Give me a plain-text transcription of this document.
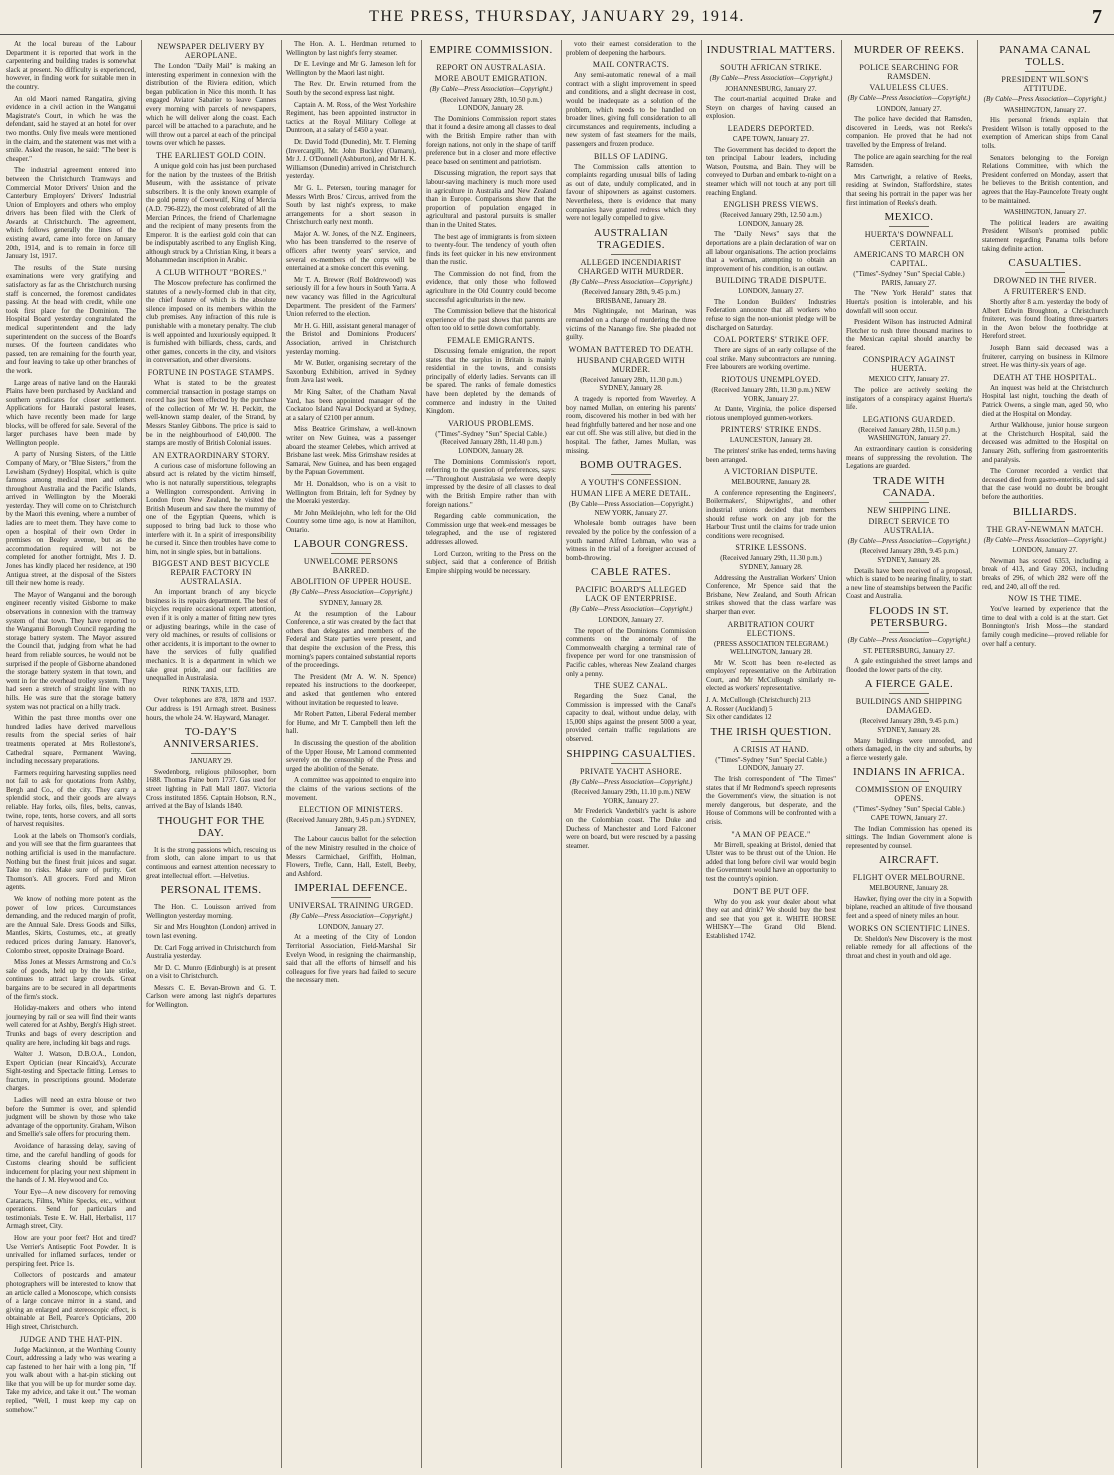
THE PRESS, THURSDAY, JANUARY 29, 1914.	7

At the local bureau of the Labour Department it is reported that work in the carpentering and building trades is somewhat slack at present. No difficulty is experienced, however, in finding work for suitable men in the country.

An old Maori named Rangatira, giving evidence in a civil action in the Wanganui Magistrate's Court, in which he was the defendant, said he stayed at an hotel for over two months. Only five meals were mentioned in the claim, and the statement was met with a smile. Asked the reason, he said: "The beer is cheaper."

The industrial agreement entered into between the Christchurch Tramways and Commercial Motor Drivers' Union and the Canterbury Employers' Drivers' Industrial Union of Employers and others who employ drivers has been filed with the Clerk of Awards at Christchurch. The agreement, which follows generally the lines of the existing award, came into force on January 20th, 1914, and is to remain in force till January 1st, 1917.

The results of the State nursing examinations were very gratifying and satisfactory as far as the Christchurch nursing staff is concerned, the foremost candidates passing. At the head with credit, while one took first place for the Dominion. The Hospital Board yesterday congratulated the medical superintendent and the lady superintendent on the success of the Board's nurses. Of the fourteen candidates who passed, ten are remaining for the fourth year, and four leaving to take up other branches of the work.

Large areas of native land on the Hauraki Plains have been purchased by Auckland and southern syndicates for closer settlement. Applications for Hauraki pastoral leases, which have recently been made for large blocks, will be offered for sale. Several of the larger purchases have been made by Wellington people.

A party of Nursing Sisters, of the Little Company of Mary, or "Blue Sisters," from the Lewisham (Sydney) Hospital, which is quite famous among medical men and others throughout Australia and the Pacific Islands, arrived in Wellington by the Moeraki yesterday. They will come on to Christchurch by the Maori this evening, where a number of ladies are to meet them. They have come to open a hospital of their own Order in premises on Bealey avenue, but as the accommodation required will not be completed for another fortnight, Mrs J. D. Jones has kindly placed her residence, at 190 Antigua street, at the disposal of the Sisters till their new home is ready.

The Mayor of Wanganui and the borough engineer recently visited Gisborne to make observations in connexion with the tramway system of that town. They have reported to the Wanganui Borough Council regarding the storage battery system. The Mayor assured the Council that, judging from what he had heard from reliable sources, he would not be surprised if the people of Gisborne abandoned the storage battery system in that town, and went in for the overhead trolley system. They had seen a stretch of straight line with no hills. He was sure that the storage battery system was not practical on a hilly track.

Within the past three months over one hundred ladies have derived marvellous results from the special series of hair treatments operated at Mrs Rollestone's, Cathedral square, Permanent Waving, including necessary preparations.

Farmers requiring harvesting supplies need not fail to ask for quotations from Ashby, Bergh and Co., of the city. They carry a splendid stock, and their goods are always reliable. Hay forks, oils, files, belts, canvas, twine, rope, tents, horse covers, and all sorts of harvest requisites.

Look at the labels on Thomson's cordials, and you will see that the firm guarantees that nothing artificial is used in the manufacture. Nothing but the finest fruit juices and sugar. Take no risks. Make sure of purity. Get Thomson's. All grocers. Ford and Miron agents.

We know of nothing more potent as the power of low prices. Curcumstances demanding, and the reduced margin of profit, are the Annual Sale. Dress Goods and Silks, Mantles, Skirts, Costumes, etc., at greatly reduced prices during January. Hanover's, Colombo street, opposite Drainage Board.

Miss Jones at Messrs Armstrong and Co.'s sale of goods, held up by the late strike, continues to attract large crowds. Great bargains are to be secured in all departments of the firm's stock.

Holiday-makers and others who intend journeying by rail or sea will find their wants well catered for at Ashby, Bergh's High street. Trunks and bags of every description and quality are here, including kit bags and rugs.

Walter J. Watson, D.B.O.A., London, Expert Optician (near Kincaid's), Accurate Sight-testing and Spectacle fitting. Lenses to fracture, in prescriptions ground. Moderate charges.

Ladies will need an extra blouse or two before the Summer is over, and splendid judgment will be shown by those who take advantage of the opportunity. Graham, Wilson and Smellie's sale offers for procuring them.

Avoidance of harassing delay, saving of time, and the careful handling of goods for Customs clearing should be sufficient inducement for placing your next shipment in the hands of J. M. Heywood and Co.

Your Eye—A new discovery for removing Cataracts, Films, White Specks, etc., without operations. Send for particulars and testimonials. Teste E. W. Hall, Herbalist, 117 Armagh street, City.

How are your poor feet? Hot and tired? Use Verrier's Antiseptic Foot Powder. It is unrivalled for inflamed surfaces, tender or perspiring feet. Price 1s.

Collectors of postcards and amateur photographers will be interested to know that an article called a Monoscope, which consists of a large concave mirror in a stand, and giving an enlarged and stereoscopic effect, is obtainable at Bell, Pearce's Opticians, 200 High street, Christchurch.

JUDGE AND THE HAT-PIN.

Judge Mackinnon, at the Worthing County Court, addressing a lady who was wearing a cap fastened to her hair with a long pin, "If you walk about with a hat-pin sticking out like that you will be up for murder some day. Take my advice, and take it out." The woman replied, "Well, I must keep my cap on somehow."

NEWSPAPER DELIVERY BY AEROPLANE.

The London "Daily Mail" is making an interesting experiment in connexion with the distribution of the Riviera edition, which began publication in Nice this month. It has engaged Aviator Sabatier to leave Cannes every morning with parcels of newspapers, which he will deliver along the coast. Each parcel will be attached to a parachute, and he will throw out a parcel at each of the principal towns over which he passes.

THE EARLIEST GOLD COIN.

A unique gold coin has just been purchased for the nation by the trustees of the British Museum, with the assistance of private subscribers. It is the only known example of the gold penny of Coenwulf, King of Mercia (A.D. 796-822), the most celebrated of all the Mercian Princes, the friend of Charlemagne and the recipient of many presents from the Emperor. It is the earliest gold coin that can be indisputably ascribed to any English King, although struck by a Christian King, it bears a Mohammedan inscription in Arabic.

A CLUB WITHOUT "BORES."

The Moscow prefecture has confirmed the statutes of a newly-formed club in that city, the chief feature of which is the absolute silence imposed on its members within the club premises. Any infraction of this rule is punishable with a monetary penalty. The club is well appointed and luxuriously equipped. It is furnished with billiards, chess, cards, and other games, concerts in the city, and visitors in conversation, and other diversions.

FORTUNE IN POSTAGE STAMPS.

What is stated to be the greatest commercial transaction in postage stamps on record has just been effected by the purchase of the collection of Mr W. H. Peckitt, the well-known stamp dealer, of the Strand, by Messrs Stanley Gibbons. The price is said to be in the neighbourhood of £40,000. The stamps are mostly of British Colonial issues.

AN EXTRAORDINARY STORY.

A curious case of misfortune following an absurd act is related by the victim himself, who is not naturally superstitious, telegraphs a Wellington correspondent. Arriving in London from New Zealand, he visited the British Museum and saw there the mummy of one of the Egyptian Queens, which is supposed to bring bad luck to those who interfere with it. In a spirit of irresponsibility he cursed it. Since then troubles have come to him, not in single spies, but in battalions.

BIGGEST AND BEST BICYCLE REPAIR FACTORY IN AUSTRALASIA.

An important branch of any bicycle business is its repairs department. The best of bicycles require occasional expert attention, even if it is only a matter of fitting new tyres or adjusting bearings, while in the case of very old machines, or results of collisions or other accidents, it is important to the owner to have the services of fully qualified mechanics. It is a department in which we take great pride, and our facilities are unequalled in Australasia.

RINK TAXIS, LTD.

Over telephones are 878, 1878 and 1937. Our address is 191 Armagh street. Business hours, the whole 24. W. Hayward, Manager.

TO-DAY'S ANNIVERSARIES.

JANUARY 29.

Swedenborg, religious philosopher, born 1688. Thomas Paine born 1737. Gas used for street lighting in Pall Mall 1807. Victoria Cross instituted 1856. Captain Hobson, R.N., arrived at the Bay of Islands 1840.

THOUGHT FOR THE DAY.

It is the strong passions which, rescuing us from sloth, can alone impart to us that continuous and earnest attention necessary to great intellectual effort. —Helvetius.

PERSONAL ITEMS.

The Hon. C. Louisson arrived from Wellington yesterday morning.

Sir and Mrs Houghton (London) arrived in town last evening.

Dr. Carl Fogg arrived in Christchurch from Australia yesterday.

Mr D. C. Munro (Edinburgh) is at present on a visit to Christchurch.

Messrs C. E. Bevan-Brown and G. T. Carlson were among last night's departures for Wellington.

The Hon. A. L. Herdman returned to Wellington by last night's ferry steamer.

Dr E. Levinge and Mr G. Jameson left for Wellington by the Maori last night.

The Rev. Dr. Erwin returned from the South by the second express last night.

Captain A. M. Ross, of the West Yorkshire Regiment, has been appointed instructor in tactics at the Royal Military College at Duntroon, at a salary of £450 a year.

Dr. David Todd (Dunedin), Mr. T. Fleming (Invercargill), Mr. John Buckley (Oamaru), Mr J. J. O'Donnell (Ashburton), and Mr H. K. Williamson (Dunedin) arrived in Christchurch yesterday.

Mr G. L. Petersen, touring manager for Messrs Wirth Bros.' Circus, arrived from the South by last night's express, to make arrangements for a short season in Christchurch early next month.

Major A. W. Jones, of the N.Z. Engineers, who has been transferred to the reserve of officers after twenty years' service, and several ex-members of the corps will be entertained at a smoke concert this evening.

Mr T. A. Brewer (Rolf Boldrewood) was seriously ill for a few hours in South Yarra. A new vacancy was filled in the Agricultural Department. The president of the Farmers' Union referred to the election.

Mr H. G. Hill, assistant general manager of the Bristol and Dominions Producers' Association, arrived in Christchurch yesterday morning.

Mr W. Butler, organising secretary of the Saxonburg Exhibition, arrived in Sydney from Java last week.

Mr King Salter, of the Chatham Naval Yard, has been appointed manager of the Cockatoo Island Naval Dockyard at Sydney, at a salary of £2100 per annum.

Miss Beatrice Grimshaw, a well-known writer on New Guinea, was a passenger aboard the steamer Celebes, which arrived at Brisbane last week. Miss Grimshaw resides at Samarai, New Guinea, and has been engaged by the Papuan Government.

Mr H. Donaldson, who is on a visit to Wellington from Britain, left for Sydney by the Moeraki yesterday.

Mr John Meiklejohn, who left for the Old Country some time ago, is now at Hamilton, Ontario.

LABOUR CONGRESS.
UNWELCOME PERSONS BARRED.
ABOLITION OF UPPER HOUSE.

(By Cable—Press Association—Copyright.)

SYDNEY, January 28.

At the resumption of the Labour Conference, a stir was created by the fact that others than delegates and members of the Federal and State parties were present, and that despite the exclusion of the Press, this morning's papers contained substantial reports of the proceedings.

The President (Mr A. W. N. Spence) repeated his instructions to the doorkeeper, and asked that gentlemen who entered without invitation be requested to leave.

Mr Robert Patten, Liberal Federal member for Hume, and Mr T. Campbell then left the hall.

In discussing the question of the abolition of the Upper House, Mr Lamond commented severely on the censorship of the Press and urged the abolition of the Senate.

A committee was appointed to enquire into the claims of the various sections of the movement.

ELECTION OF MINISTERS.

(Received January 28th, 9.45 p.m.) SYDNEY, January 28.

The Labour caucus ballot for the selection of the new Ministry resulted in the choice of Messrs Carmichael, Griffith, Holman, Flowers, Trefle, Cann, Hall, Estell, Beeby, and Ashford.

IMPERIAL DEFENCE.
UNIVERSAL TRAINING URGED.

(By Cable—Press Association—Copyright.)

LONDON, January 27.

At a meeting of the City of London Territorial Association, Field-Marshal Sir Evelyn Wood, in resigning the chairmanship, said that all the efforts of himself and his colleagues for five years had failed to secure the necessary men.

EMPIRE COMMISSION.
REPORT ON AUSTRALASIA.
MORE ABOUT EMIGRATION.

(By Cable—Press Association—Copyright.)

(Received January 28th, 10.50 p.m.) LONDON, January 28.

The Dominions Commission report states that it found a desire among all classes to deal with the British Empire rather than with foreign nations, not only in the shape of tariff preference but in a closer and more effective peace based on sentiment and patriotism.

Discussing migration, the report says that labour-saving machinery is much more used in agriculture in Australia and New Zealand than in Europe. Comparisons show that the proportion of population engaged in agricultural and pastoral pursuits is smaller than in the United States.

The best age of immigrants is from sixteen to twenty-four. The tendency of youth often finds its feet quicker in his new environment than the rustic.

The Commission do not find, from the evidence, that only those who followed agriculture in the Old Country could become successful agriculturists in the new.

The Commission believe that the historical experience of the past shows that parents are often too old to settle down comfortably.

FEMALE EMIGRANTS.

Discussing female emigration, the report states that the surplus in Britain is mainly residential in the towns, and consists principally of elderly ladies. Servants can ill be spared. The ranks of female domestics have been depleted by the demands of commerce and industry in the United Kingdom.

VARIOUS PROBLEMS.

("Times"-Sydney "Sun" Special Cable.) (Received January 28th, 11.40 p.m.) LONDON, January 28.

The Dominions Commission's report, referring to the question of preferences, says:—"Throughout Australasia we were deeply impressed by the desire of all classes to deal with the British Empire rather than with foreign nations."

Regarding cable communication, the Commission urge that week-end messages be telegraphed, and the use of registered addresses allowed.

Lord Curzon, writing to the Press on the subject, said that a conference of British Empire shipping would be necessary.

voto their earnest consideration to the problem of deepening the harbours.

MAIL CONTRACTS.

Any semi-automatic renewal of a mail contract with a slight improvement in speed and conditions, and a slight decrease in cost, would be inadequate as a solution of the problem, which needs to be handled on broader lines, giving full consideration to all circumstances and requirements, including a new system of fast steamers for the mails, passengers and frozen produce.

BILLS OF LADING.

The Commission calls attention to complaints regarding unusual bills of lading as out of date, unduly complicated, and in favour of shipowners as against customers. Nevertheless, there is evidence that many companies have granted redress which they were not legally compelled to give.

AUSTRALIAN TRAGEDIES.
ALLEGED INCENDIARIST CHARGED WITH MURDER.

(By Cable—Press Association—Copyright.)

(Received January 28th, 9.45 p.m.) BRISBANE, January 28.

Mrs Nightingale, not Marinan, was remanded on a charge of murdering the three victims of the Nanango fire. She pleaded not guilty.

WOMAN BATTERED TO DEATH.
HUSBAND CHARGED WITH MURDER.

(Received January 28th, 11.30 p.m.) SYDNEY, January 28.

A tragedy is reported from Waverley. A boy named Mullan, on entering his parents' room, discovered his mother in bed with her head frightfully battered and her nose and one ear cut off. She was still alive, but died in the hospital. The father, James Mullan, was missing.

BOMB OUTRAGES.
A YOUTH'S CONFESSION.
HUMAN LIFE A MERE DETAIL.

(By Cable—Press Association—Copyright.) NEW YORK, January 27.

Wholesale bomb outrages have been revealed by the police by the confession of a youth named Alfred Lehman, who was a witness in the trial of a foreigner accused of bomb-throwing.

CABLE RATES.
PACIFIC BOARD'S ALLEGED LACK OF ENTERPRISE.

(By Cable—Press Association—Copyright.)

LONDON, January 27.

The report of the Dominions Commission comments on the anomaly of the Commonwealth charging a terminal rate of fivepence per word for one transmission of Pacific cables, whereas New Zealand charges only a penny.

THE SUEZ CANAL.

Regarding the Suez Canal, the Commission is impressed with the Canal's capacity to deal, without undue delay, with 15,000 ships against the present 5000 a year, provided certain traffic regulations are observed.

SHIPPING CASUALTIES.
PRIVATE YACHT ASHORE.

(By Cable—Press Association—Copyright.)

(Received January 29th, 11.10 p.m.) NEW YORK, January 27.

Mr Frederick Vanderbilt's yacht is ashore on the Colombian coast. The Duke and Duchess of Manchester and Lord Falconer were on board, but were rescued by a passing steamer.

INDUSTRIAL MATTERS.
SOUTH AFRICAN STRIKE.

(By Cable—Press Association—Copyright.)

JOHANNESBURG, January 27.

The court-martial acquitted Drake and Steyn on charges of having caused an explosion.

LEADERS DEPORTED.

CAPE TOWN, January 27.

The Government has decided to deport the ten principal Labour leaders, including Watson, Poutsma, and Bain. They will be conveyed to Durban and embark to-night on a steamer which will not touch at any port till reaching England.

ENGLISH PRESS VIEWS.

(Received January 29th, 12.50 a.m.) LONDON, January 28.

The "Daily News" says that the deportations are a plain declaration of war on all labour organisations. The action proclaims that a workman, attempting to obtain an improvement of his condition, is an outlaw.

BUILDING TRADE DISPUTE.

LONDON, January 27.

The London Builders' Industries Federation announce that all workers who refuse to sign the non-unionist pledge will be discharged on Saturday.

COAL PORTERS' STRIKE OFF.

There are signs of an early collapse of the coal strike. Many subcontractors are running. Free labourers are working overtime.

RIOTOUS UNEMPLOYED.

(Received January 28th, 11.30 p.m.) NEW YORK, January 27.

At Dante, Virginia, the police dispersed riotous unemployed gunmen-workers.

PRINTERS' STRIKE ENDS.

LAUNCESTON, January 28.

The printers' strike has ended, terms having been arranged.

A VICTORIAN DISPUTE.

MELBOURNE, January 28.

A conference representing the Engineers', Boilermakers', Shipwrights', and other industrial unions decided that members should refuse work on any job for the Harbour Trust until the claims for trade union conditions were recognised.

STRIKE LESSONS.

(Received January 29th, 11.30 p.m.) SYDNEY, January 28.

Addressing the Australian Workers' Union Conference, Mr Spence said that the Brisbane, New Zealand, and South African strikes showed that the class warfare was sharper than ever.

ARBITRATION COURT ELECTIONS.

(PRESS ASSOCIATION TELEGRAM.) WELLINGTON, January 28.

Mr W. Scott has been re-elected as employers' representative on the Arbitration Court, and Mr McCullough similarly re-elected as workers' representative.

J. A. McCullough (Christchurch) 213
A. Rosser (Auckland) 5
Six other candidates 12
THE IRISH QUESTION.
A CRISIS AT HAND.

("Times"-Sydney "Sun" Special Cable.) LONDON, January 27.

The Irish correspondent of "The Times" states that if Mr Redmond's speech represents the Government's view, the situation is not merely dangerous, but desperate, and the House of Commons will be confronted with a crisis.

"A MAN OF PEACE."

Mr Birrell, speaking at Bristol, denied that Ulster was to be thrust out of the Union. He added that long before civil war would begin the Government would have an opportunity to test the country's opinion.

DON'T BE PUT OFF.

Why do you ask your dealer about what they eat and drink? We should buy the best and see that you get it. WHITE HORSE WHISKY—The Grand Old Blend. Established 1742.

MURDER OF REEKS.
POLICE SEARCHING FOR RAMSDEN.
VALUELESS CLUES.

(By Cable—Press Association—Copyright.)

LONDON, January 27.

The police have decided that Ramsden, discovered in Leeds, was not Reeks's companion. He proved that he had not travelled by the Empress of Ireland.

The police are again searching for the real Ramsden.

Mrs Cartwright, a relative of Reeks, residing at Swindon, Staffordshire, states that seeing his portrait in the paper was her first intimation of Reeks's death.

MEXICO.
HUERTA'S DOWNFALL CERTAIN.
AMERICANS TO MARCH ON CAPITAL.

("Times"-Sydney "Sun" Special Cable.) PARIS, January 27.

The "New York Herald" states that Huerta's position is intolerable, and his downfall will soon occur.

President Wilson has instructed Admiral Fletcher to rush three thousand marines to the Mexican capital should anarchy be feared.

CONSPIRACY AGAINST HUERTA.

MEXICO CITY, January 27.

The police are actively seeking the instigators of a conspiracy against Huerta's life.

LEGATIONS GUARDED.

(Received January 28th, 11.50 p.m.) WASHINGTON, January 27.

An extraordinary caution is considering means of suppressing the revolution. The Legations are guarded.

TRADE WITH CANADA.
NEW SHIPPING LINE.
DIRECT SERVICE TO AUSTRALIA.

(By Cable—Press Association—Copyright.)

(Received January 28th, 9.45 p.m.) SYDNEY, January 28.

Details have been received of a proposal, which is stated to be nearing finality, to start a new line of steamships between the Pacific Coast and Australia.

FLOODS IN ST. PETERSBURG.

(By Cable—Press Association—Copyright.)

ST. PETERSBURG, January 27.

A gale extinguished the street lamps and flooded the lower parts of the city.

A FIERCE GALE.
BUILDINGS AND SHIPPING DAMAGED.

(Received January 28th, 9.45 p.m.) SYDNEY, January 28.

Many buildings were unroofed, and others damaged, in the city and suburbs, by a fierce westerly gale.

INDIANS IN AFRICA.
COMMISSION OF ENQUIRY OPENS.

("Times"-Sydney "Sun" Special Cable.) CAPE TOWN, January 27.

The Indian Commission has opened its sittings. The Indian Government alone is represented by counsel.

AIRCRAFT.
FLIGHT OVER MELBOURNE.

MELBOURNE, January 28.

Hawker, flying over the city in a Sopwith biplane, reached an altitude of five thousand feet and a speed of ninety miles an hour.

WORKS ON SCIENTIFIC LINES.

Dr. Sheldon's New Discovery is the most reliable remedy for all affections of the throat and chest in youth and old age.

PANAMA CANAL TOLLS.
PRESIDENT WILSON'S ATTITUDE.

(By Cable—Press Association—Copyright.)

WASHINGTON, January 27.

His personal friends explain that President Wilson is totally opposed to the exemption of American ships from Canal tolls.

Senators belonging to the Foreign Relations Committee, with which the President conferred on Monday, assert that he believes to the British contention, and agrees that the Hay-Pauncefote Treaty ought to be maintained.

WASHINGTON, January 27.

The political leaders are awaiting President Wilson's promised public statement regarding Panama tolls before taking definite action.

CASUALTIES.
DROWNED IN THE RIVER.
A FRUITERER'S END.

Shortly after 8 a.m. yesterday the body of Albert Edwin Broughton, a Christchurch fruiterer, was found floating three-quarters in the Avon below the footbridge at Hereford street.

Joseph Bann said deceased was a fruiterer, carrying on business in Kilmore street. He was thirty-six years of age.

DEATH AT THE HOSPITAL.

An inquest was held at the Christchurch Hospital last night, touching the death of Patrick Owens, a single man, aged 50, who died at the Hospital on Monday.

Arthur Walkhouse, junior house surgeon at the Christchurch Hospital, said the deceased was admitted to the Hospital on January 26th, suffering from gastroenteritis and paralysis.

The Coroner recorded a verdict that deceased died from gastro-enteritis, and said that the case would no doubt be brought before the authorities.

BILLIARDS.
THE GRAY-NEWMAN MATCH.

(By Cable—Press Association—Copyright.)

LONDON, January 27.

Newman has scored 6353, including a break of 413, and Gray 2063, including breaks of 296, of which 282 were off the red, and 240, all off the red.

NOW IS THE TIME.

You've learned by experience that the time to deal with a cold is at the start. Get Bonnington's Irish Moss—the standard family cough medicine—proved reliable for over half a century.
